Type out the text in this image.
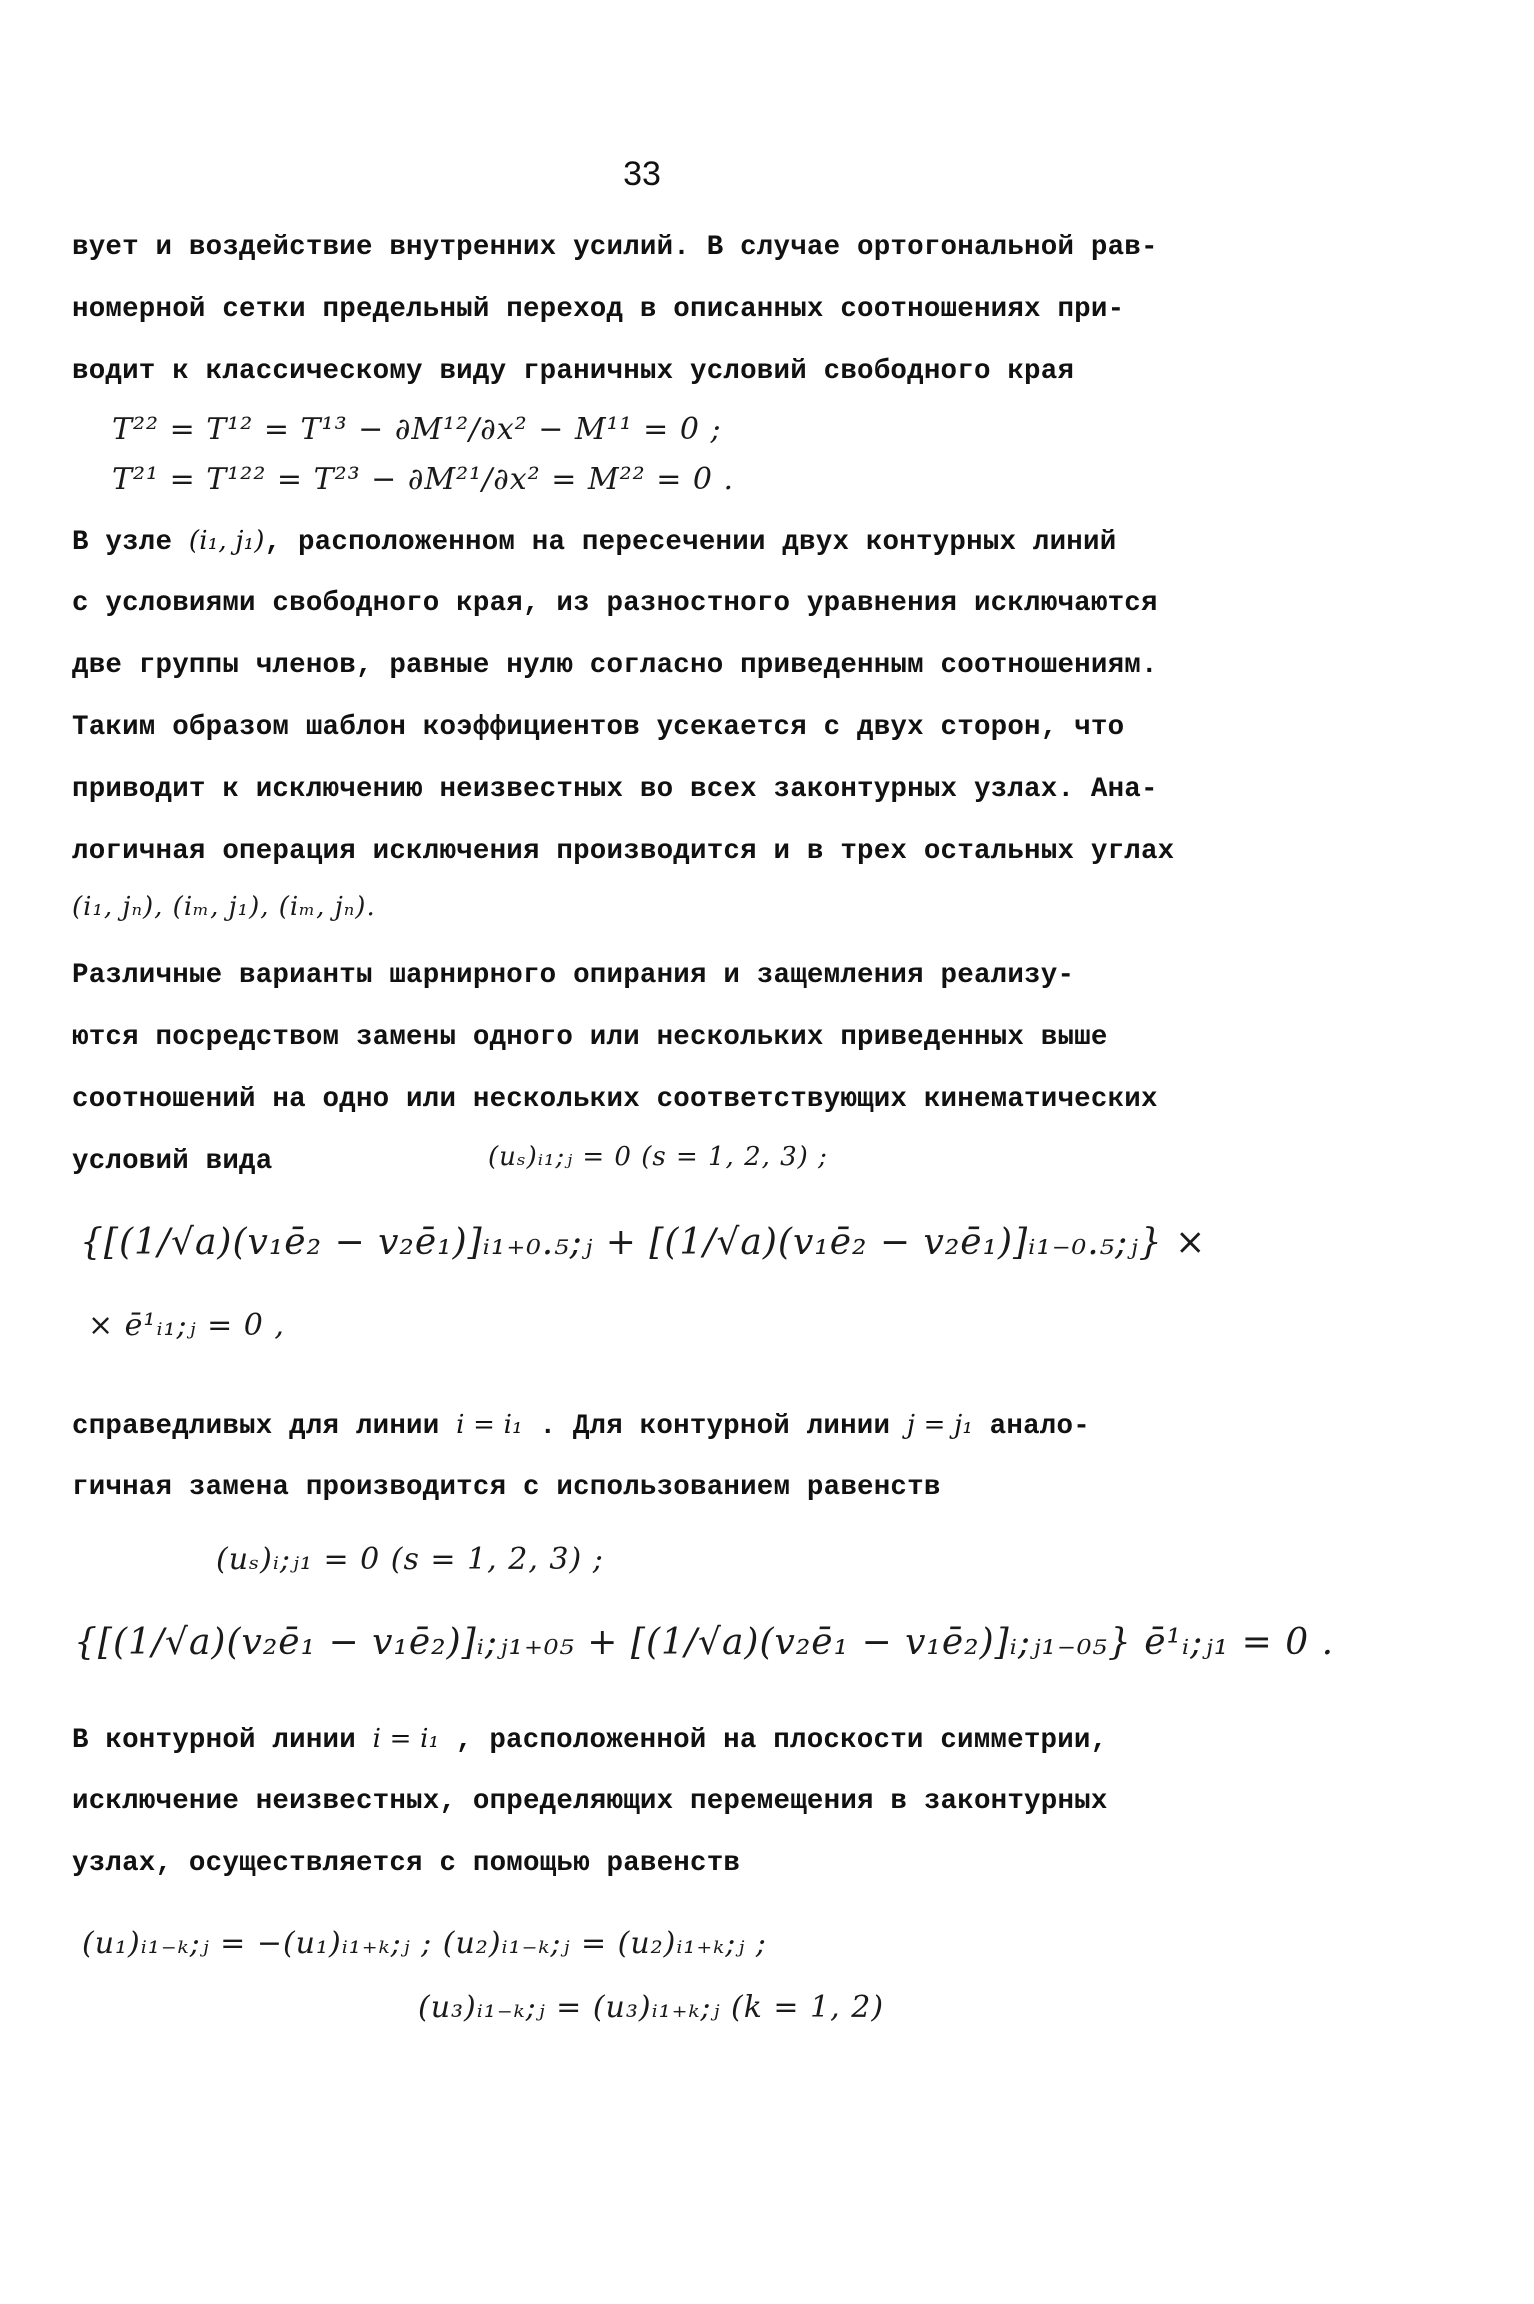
33
вует и воздействие внутренних усилий. В случае ортогональной рав-
номерной сетки предельный переход в описанных соотношениях при-
водит к классическому виду граничных условий свободного края
T²² = T¹² = T¹³ − ∂M¹²/∂x² − M¹¹ = 0 ;
T²¹ = T¹²² = T²³ − ∂M²¹/∂x² = M²² = 0 .
В узле (i₁, j₁), расположенном на пересечении двух контурных линий
с условиями свободного края, из разностного уравнения исключаются
две группы членов, равные нулю согласно приведенным соотношениям.
Таким образом шаблон коэффициентов усекается с двух сторон, что
приводит к исключению неизвестных во всех законтурных узлах. Ана-
логичная операция исключения производится и в трех остальных углах
(i₁, jₙ), (iₘ, j₁), (iₘ, jₙ).
Различные варианты шарнирного опирания и защемления реализу-
ются посредством замены одного или нескольких приведенных выше
соотношений на одно или нескольких соответствующих кинематических
условий вида	(uₛ)ᵢ₁;ⱼ = 0 (s = 1, 2, 3) ;
{[(1/√a)(v₁ē₂ − v₂ē₁)]ᵢ₁₊₀.₅;ⱼ + [(1/√a)(v₁ē₂ − v₂ē₁)]ᵢ₁₋₀.₅;ⱼ} ×
× ē¹ᵢ₁;ⱼ = 0 ,
справедливых для линии i = i₁ . Для контурной линии j = j₁ анало-
гичная замена производится с использованием равенств
(uₛ)ᵢ;ⱼ₁ = 0 (s = 1, 2, 3) ;
{[(1/√a)(v₂ē₁ − v₁ē₂)]ᵢ;ⱼ₁₊₀₅ + [(1/√a)(v₂ē₁ − v₁ē₂)]ᵢ;ⱼ₁₋₀₅} ē¹ᵢ;ⱼ₁ = 0 .
В контурной линии i = i₁ , расположенной на плоскости симметрии,
исключение неизвестных, определяющих перемещения в законтурных
узлах, осуществляется с помощью равенств
(u₁)ᵢ₁₋ₖ;ⱼ = −(u₁)ᵢ₁₊ₖ;ⱼ ; (u₂)ᵢ₁₋ₖ;ⱼ = (u₂)ᵢ₁₊ₖ;ⱼ ;
(u₃)ᵢ₁₋ₖ;ⱼ = (u₃)ᵢ₁₊ₖ;ⱼ (k = 1, 2)
